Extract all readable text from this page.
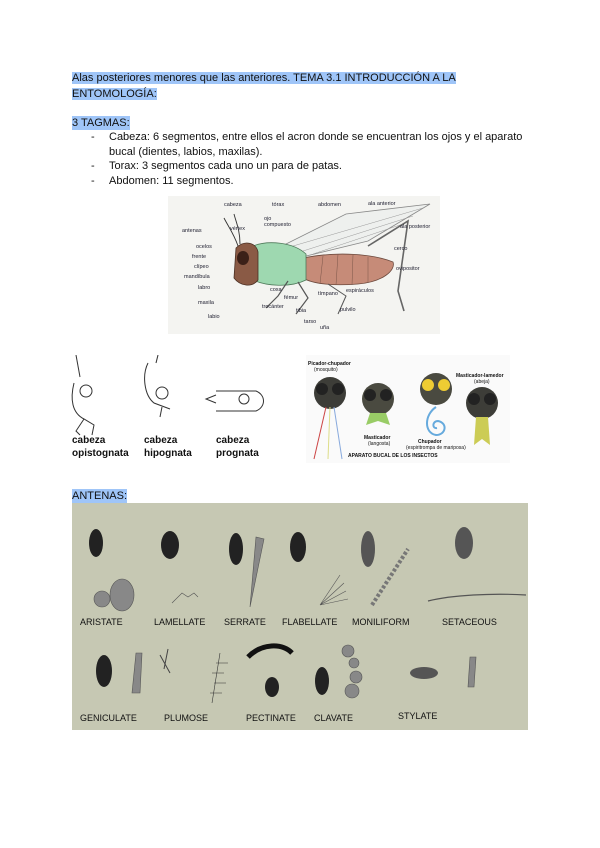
Alas posteriores menores que las anteriores. TEMA 3.1 INTRODUCCIÓN A LA
ENTOMOLOGÍA:
3 TAGMAS:
- Cabeza: 6 segmentos, entre ellos el acron donde se encuentran los ojos y el aparato bucal (dientes, labios, maxilas).
- Torax: 3 segmentos cada uno un para de patas.
- Abdomen: 11 segmentos.
cabeza	tórax
ojo
compuesto
vértex
abdomen	ala anterior
ala posterior
antenas
ocelos
frente
clípeo
mandíbula
labro
maxila
labio
coxa
fémur
trocánter
tibia
tarso
uña
tímpano espiráculos
cerco
ovipositor
pulvilo
cabeza
opistognata
cabeza
hipognata
cabeza
prognata
Picador-chupador
(mosquito)
Masticador-lamedor
(abeja)
Masticador
(langosta)	Chupador
(espiritrompa de mariposa)
APARATO BUCAL DE LOS INSECTOS
ANTENAS:
ARISTATE	LAMELLATE SERRATE FLABELLATE MONILIFORM	SETACEOUS
GENICULATE	PLUMOSE	PECTINATE CLAVATE	STYLATE
